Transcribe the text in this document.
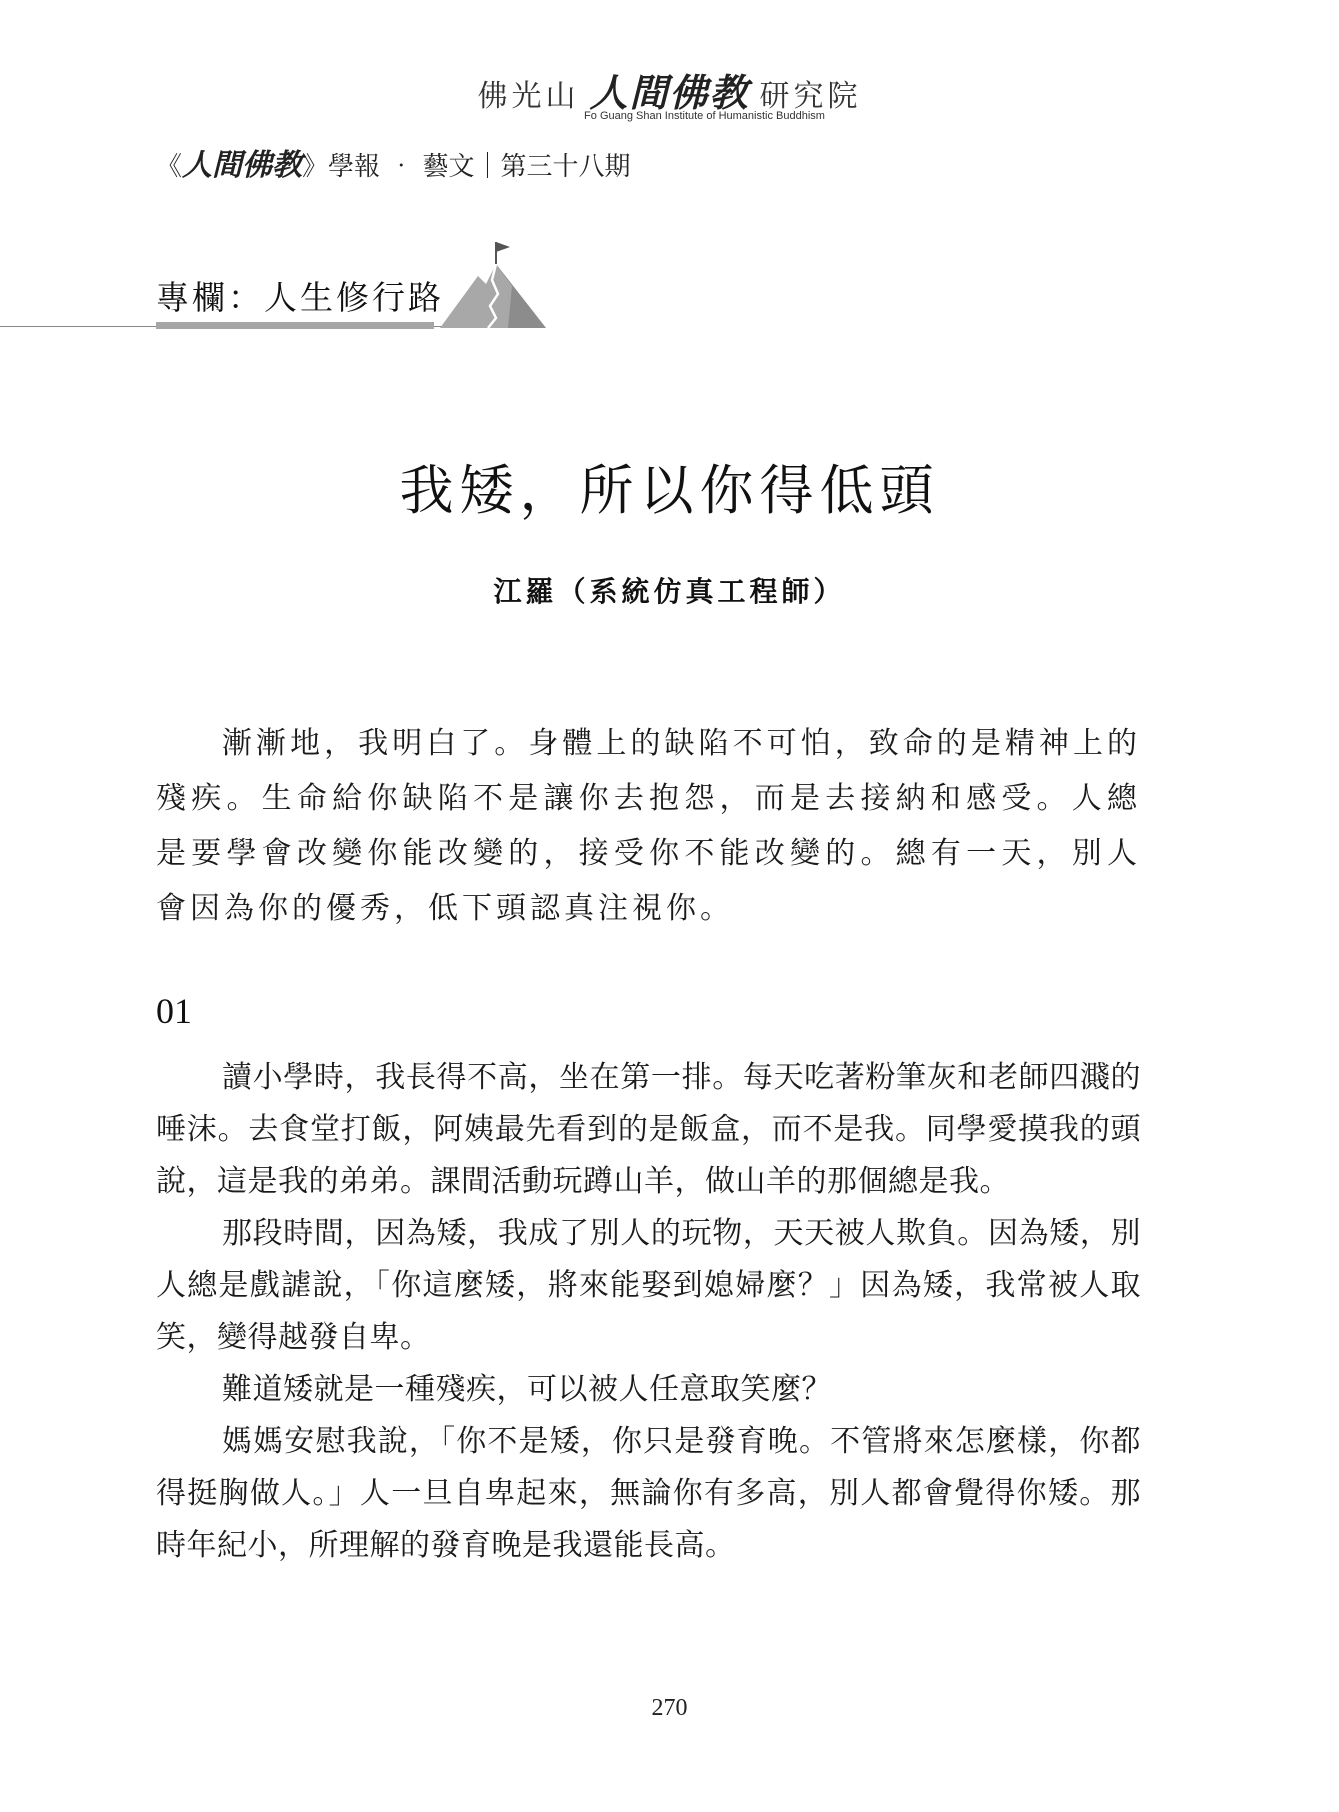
佛光山 人間佛教 研究院
Fo Guang Shan Institute of Humanistic Buddhism
《人間佛教》學報 ‧ 藝文｜第三十八期
專欄：人生修行路
我矮，所以你得低頭
江羅（系統仿真工程師）

漸漸地，我明白了。身體上的缺陷不可怕，致命的是精神上的殘疾。生命給你缺陷不是讓你去抱怨，而是去接納和感受。人總是要學會改變你能改變的，接受你不能改變的。總有一天，別人會因為你的優秀，低下頭認真注視你。

01

讀小學時，我長得不高，坐在第一排。每天吃著粉筆灰和老師四濺的唾沫。去食堂打飯，阿姨最先看到的是飯盒，而不是我。同學愛摸我的頭說，這是我的弟弟。課間活動玩蹲山羊，做山羊的那個總是我。

那段時間，因為矮，我成了別人的玩物，天天被人欺負。因為矮，別人總是戲謔說，「你這麼矮，將來能娶到媳婦麼？」因為矮，我常被人取笑，變得越發自卑。

難道矮就是一種殘疾，可以被人任意取笑麼？

媽媽安慰我說，「你不是矮，你只是發育晚。不管將來怎麼樣，你都得挺胸做人。」人一旦自卑起來，無論你有多高，別人都會覺得你矮。那時年紀小，所理解的發育晚是我還能長高。

270
